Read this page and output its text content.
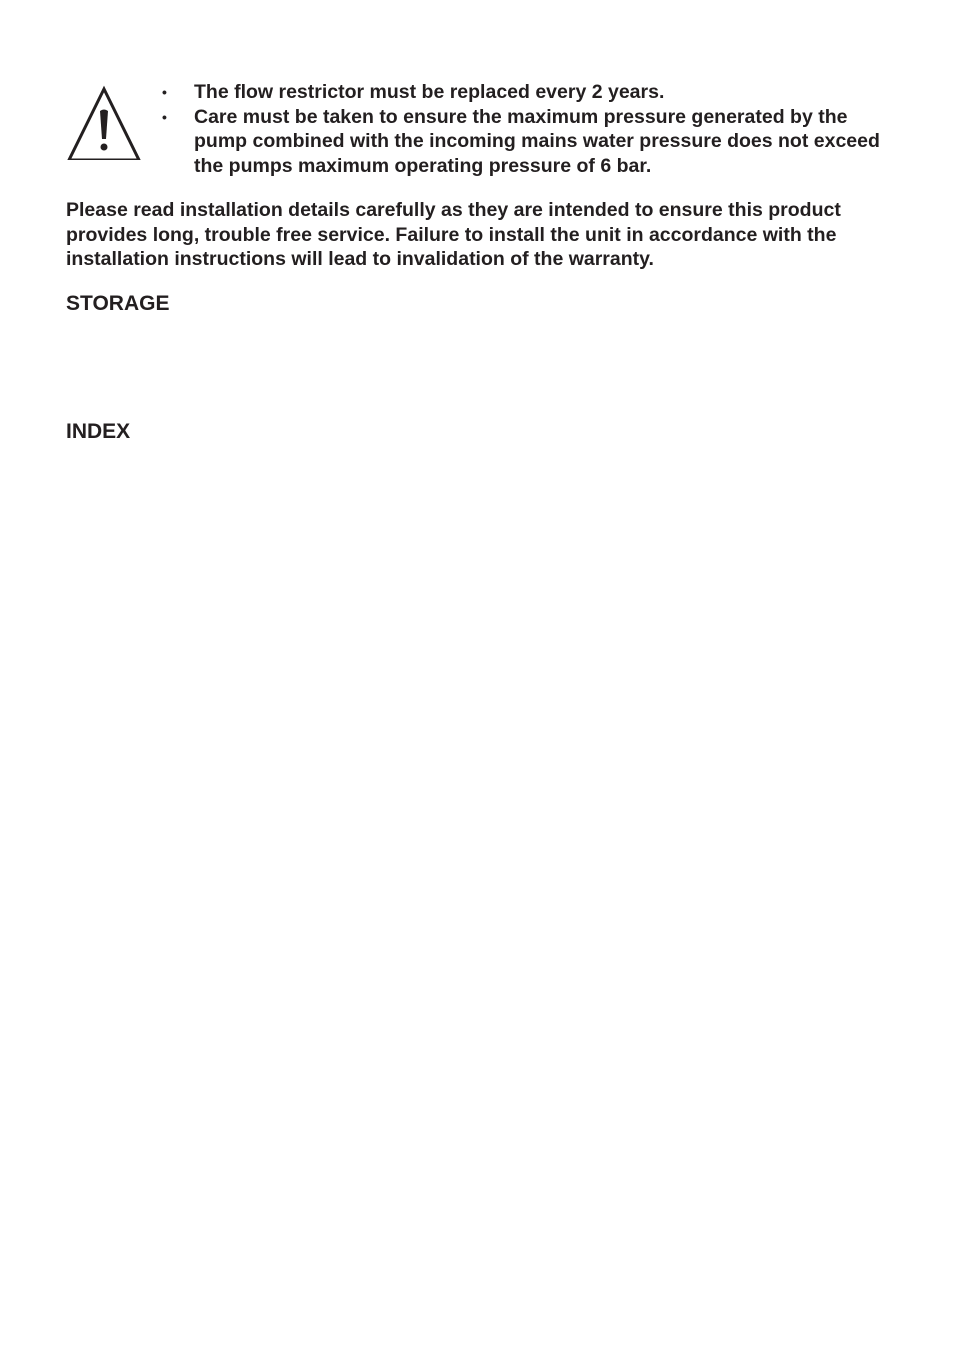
• The flow restrictor must be replaced every 2 years.
• Care must be taken to ensure the maximum pressure generated by the pump combined with the incoming mains water pressure does not exceed the pumps maximum operating pressure of 6 bar.

Please read installation details carefully as they are intended to ensure this product provides long, trouble free service. Failure to install the unit in accordance with the installation instructions will lead to invalidation of the warranty.

STORAGE
INDEX
